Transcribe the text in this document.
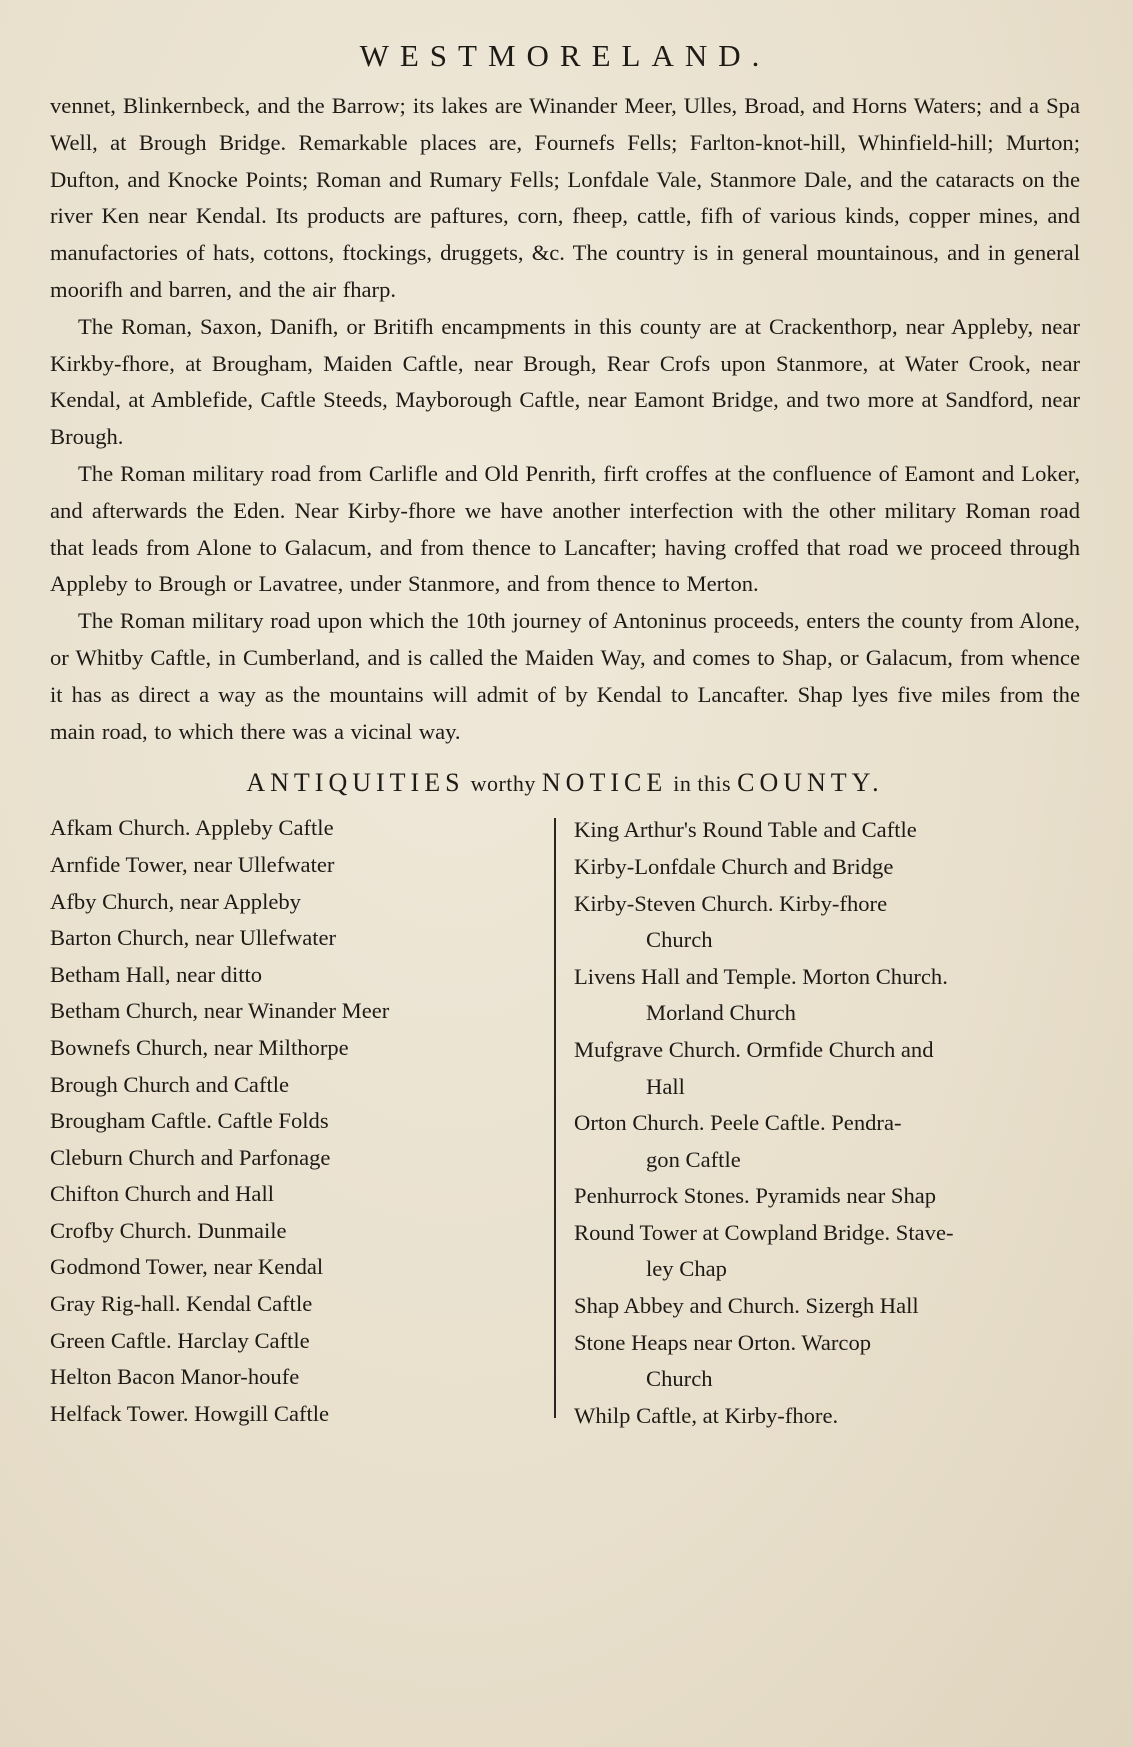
WESTMORELAND.

vennet, Blinkernbeck, and the Barrow; its lakes are Winander Meer, Ulles, Broad, and Horns Waters; and a Spa Well, at Brough Bridge. Remarkable places are, Fournefs Fells; Farlton-knot-hill, Whinfield-hill; Murton; Dufton, and Knocke Points; Roman and Rumary Fells; Lonfdale Vale, Stanmore Dale, and the cataracts on the river Ken near Kendal. Its products are paftures, corn, fheep, cattle, fifh of various kinds, copper mines, and manufactories of hats, cottons, ftockings, druggets, &c. The country is in general mountainous, and in general moorifh and barren, and the air fharp.

The Roman, Saxon, Danifh, or Britifh encampments in this county are at Crackenthorp, near Appleby, near Kirkby-fhore, at Brougham, Maiden Caftle, near Brough, Rear Crofs upon Stanmore, at Water Crook, near Kendal, at Amblefide, Caftle Steeds, Mayborough Caftle, near Eamont Bridge, and two more at Sandford, near Brough.

The Roman military road from Carlifle and Old Penrith, firft croffes at the confluence of Eamont and Loker, and afterwards the Eden. Near Kirby-fhore we have another interfection with the other military Roman road that leads from Alone to Galacum, and from thence to Lancafter; having croffed that road we proceed through Appleby to Brough or Lavatree, under Stanmore, and from thence to Merton.

The Roman military road upon which the 10th journey of Antoninus proceeds, enters the county from Alone, or Whitby Caftle, in Cumberland, and is called the Maiden Way, and comes to Shap, or Galacum, from whence it has as direct a way as the mountains will admit of by Kendal to Lancafter. Shap lyes five miles from the main road, to which there was a vicinal way.

ANTIQUITIES worthy NOTICE in this COUNTY.
Afkam Church. Appleby Caftle
Arnfide Tower, near Ullefwater
Afby Church, near Appleby
Barton Church, near Ullefwater
Betham Hall, near ditto
Betham Church, near Winander Meer
Bownefs Church, near Milthorpe
Brough Church and Caftle
Brougham Caftle. Caftle Folds
Cleburn Church and Parfonage
Chifton Church and Hall
Crofby Church. Dunmaile
Godmond Tower, near Kendal
Gray Rig-hall. Kendal Caftle
Green Caftle. Harclay Caftle
Helton Bacon Manor-houfe
Helfack Tower. Howgill Caftle
King Arthur's Round Table and Caftle
Kirby-Lonfdale Church and Bridge
Kirby-Steven Church. Kirby-fhore
Church
Livens Hall and Temple. Morton Church.
Morland Church
Mufgrave Church. Ormfide Church and
Hall
Orton Church. Peele Caftle. Pendra-
gon Caftle
Penhurrock Stones. Pyramids near Shap
Round Tower at Cowpland Bridge. Stave-
ley Chap
Shap Abbey and Church. Sizergh Hall
Stone Heaps near Orton. Warcop
Church
Whilp Caftle, at Kirby-fhore.
